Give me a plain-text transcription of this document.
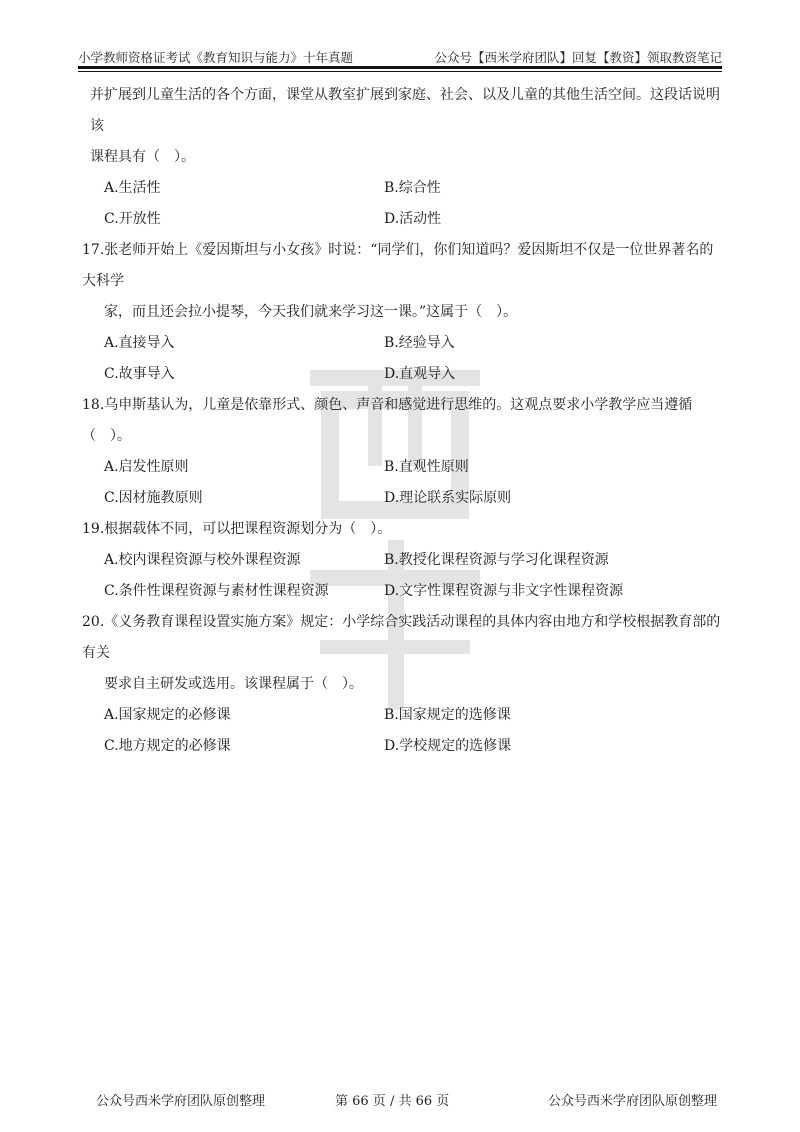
小学教师资格证考试《教育知识与能力》十年真题	公众号【西米学府团队】回复【教资】领取教资笔记
并扩展到儿童生活的各个方面，课堂从教室扩展到家庭、社会、以及儿童的其他生活空间。这段话说明该
课程具有（　）。
A.生活性	B.综合性
C.开放性	D.活动性
17.张老师开始上《爱因斯坦与小女孩》时说：“同学们，你们知道吗？爱因斯坦不仅是一位世界著名的大科学
家，而且还会拉小提琴，今天我们就来学习这一课。”这属于（　）。
A.直接导入	B.经验导入
C.故事导入	D.直观导入
18.乌申斯基认为，儿童是依靠形式、颜色、声音和感觉进行思维的。这观点要求小学教学应当遵循（　）。
A.启发性原则	B.直观性原则
C.因材施教原则	D.理论联系实际原则
19.根据载体不同，可以把课程资源划分为（　）。
A.校内课程资源与校外课程资源	B.教授化课程资源与学习化课程资源
C.条件性课程资源与素材性课程资源	D.文字性课程资源与非文字性课程资源
20.《义务教育课程设置实施方案》规定：小学综合实践活动课程的具体内容由地方和学校根据教育部的有关
要求自主研发或选用。该课程属于（　）。
A.国家规定的必修课	B.国家规定的选修课
C.地方规定的必修课	D.学校规定的选修课
公众号西米学府团队原创整理	第 66 页 / 共 66 页	公众号西米学府团队原创整理
